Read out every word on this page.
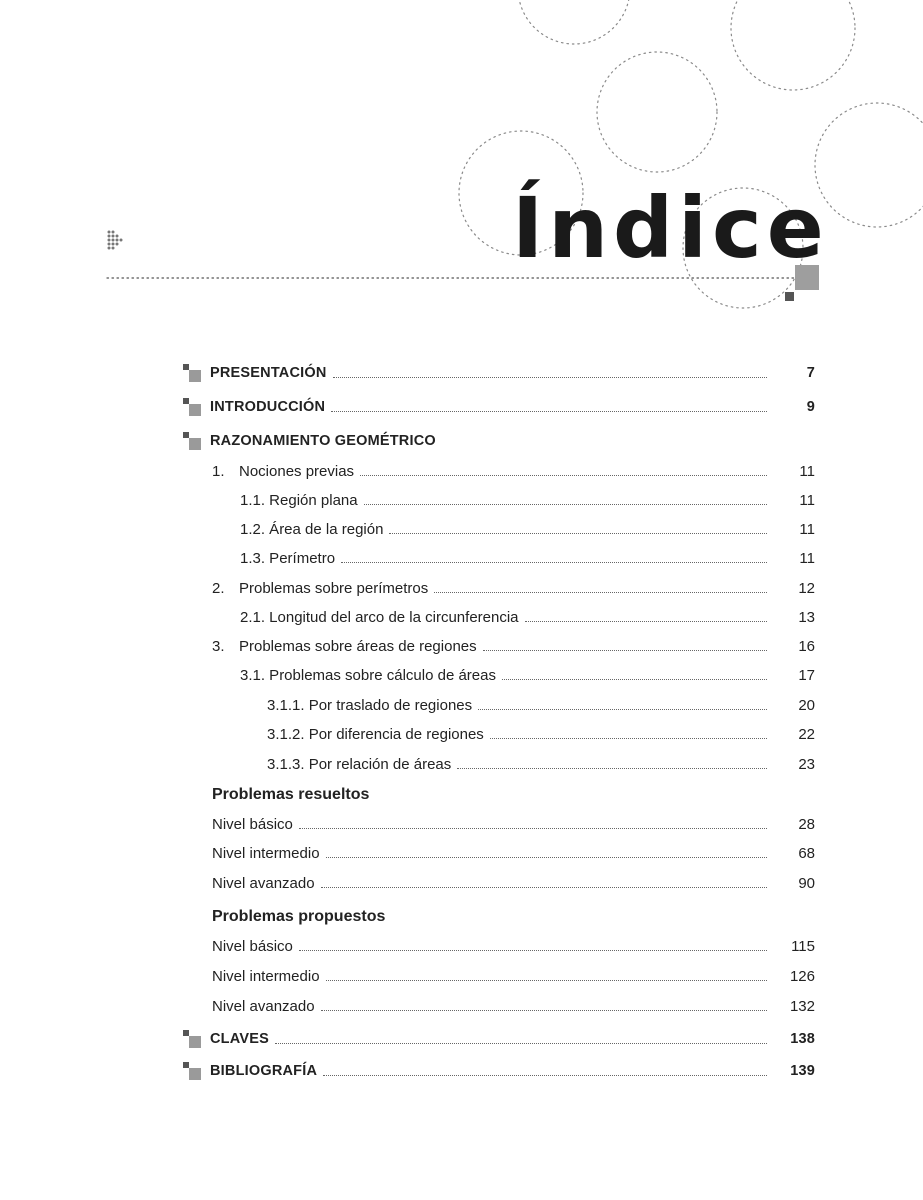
Índice
PRESENTACIÓN	7
INTRODUCCIÓN	9
RAZONAMIENTO GEOMÉTRICO
1. Nociones previas	11
1.1. Región plana	11
1.2. Área de la región	11
1.3. Perímetro	11
2. Problemas sobre perímetros	12
2.1. Longitud del arco de la circunferencia	13
3. Problemas sobre áreas de regiones	16
3.1. Problemas sobre cálculo de áreas	17
3.1.1. Por traslado de regiones	20
3.1.2. Por diferencia de regiones	22
3.1.3. Por relación de áreas	23
Problemas resueltos
Nivel básico	28
Nivel intermedio	68
Nivel avanzado	90
Problemas propuestos
Nivel básico	115
Nivel intermedio	126
Nivel avanzado	132
CLAVES	138
BIBLIOGRAFÍA	139
